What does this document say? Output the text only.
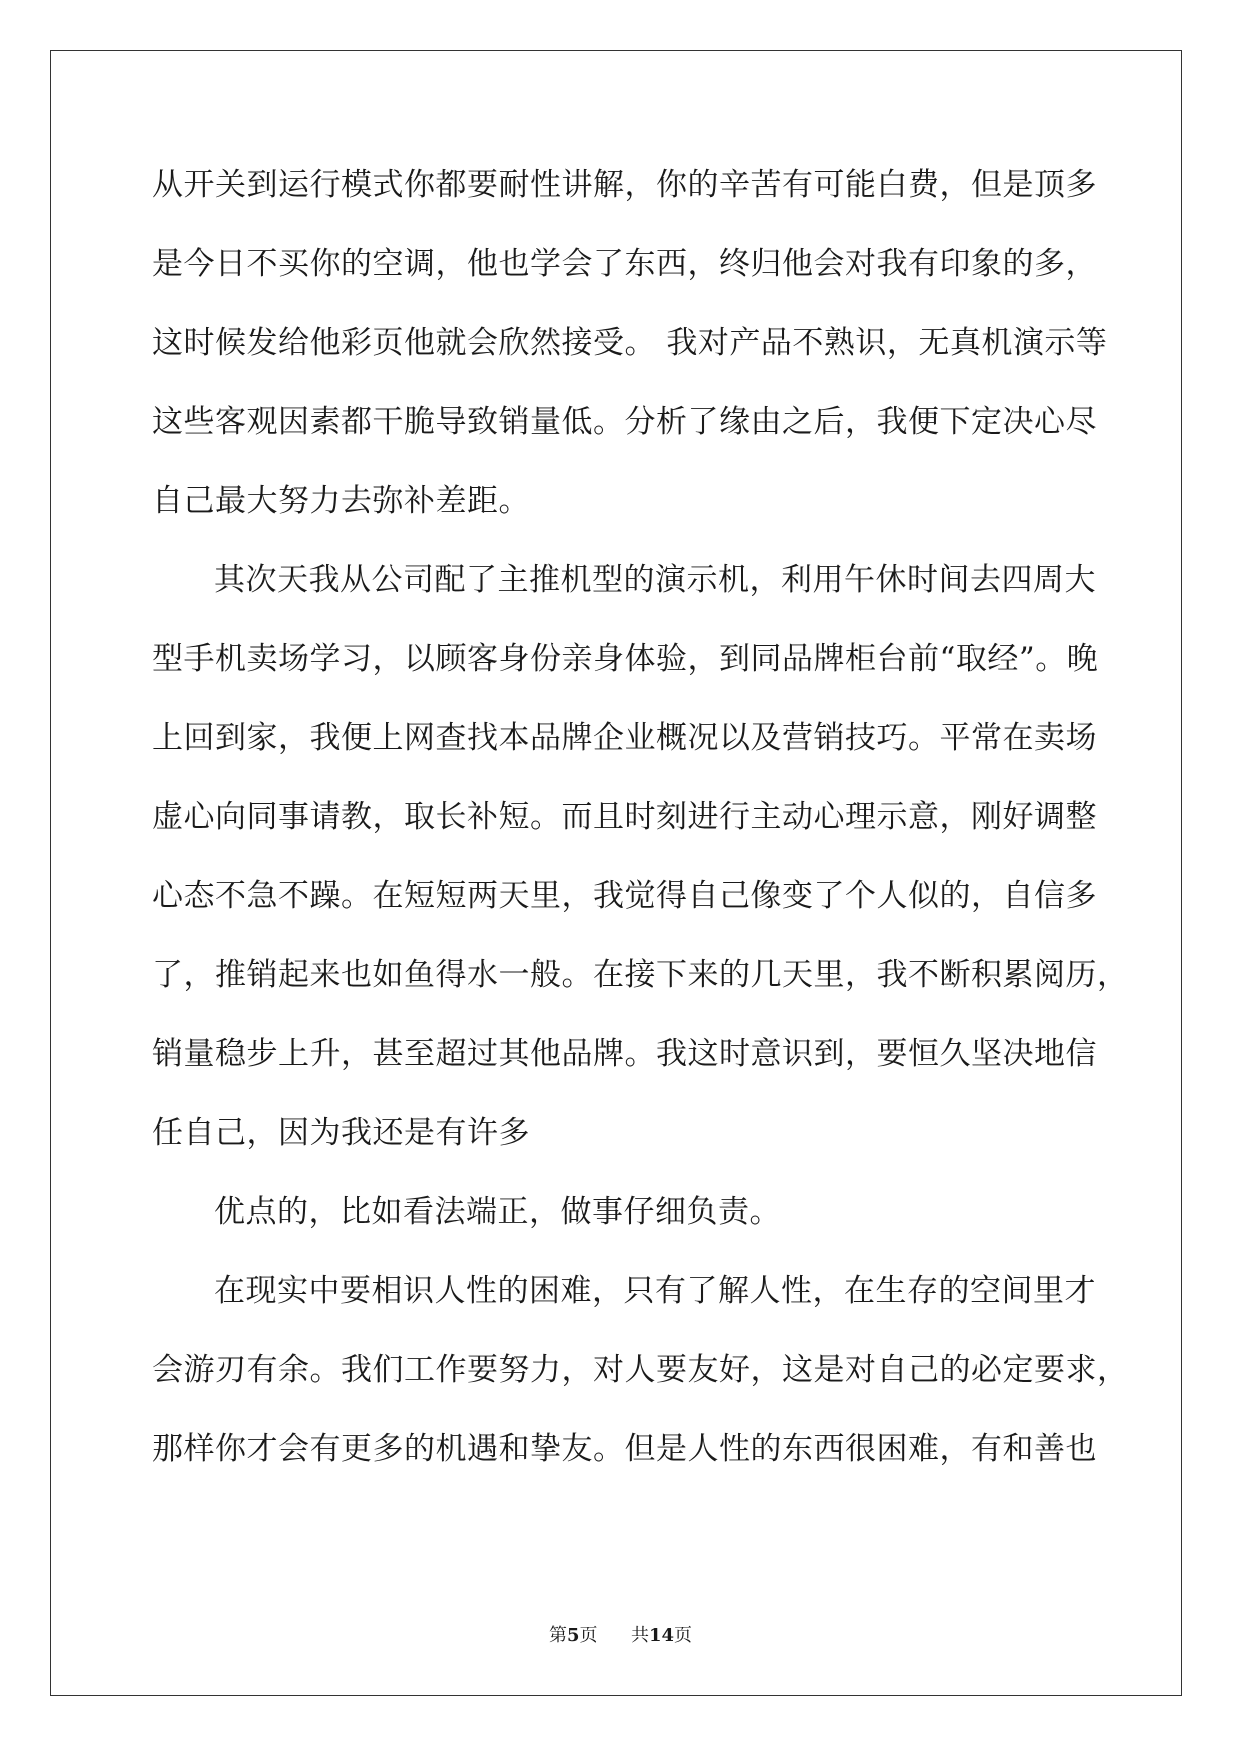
从开关到运行模式你都要耐性讲解，你的辛苦有可能白费，但是顶多
是今日不买你的空调，他也学会了东西，终归他会对我有印象的多，
这时候发给他彩页他就会欣然接受。 我对产品不熟识，无真机演示等
这些客观因素都干脆导致销量低。分析了缘由之后，我便下定决心尽
自己最大努力去弥补差距。
其次天我从公司配了主推机型的演示机，利用午休时间去四周大
型手机卖场学习，以顾客身份亲身体验，到同品牌柜台前“取经”。晚
上回到家，我便上网查找本品牌企业概况以及营销技巧。平常在卖场
虚心向同事请教，取长补短。而且时刻进行主动心理示意，刚好调整
心态不急不躁。在短短两天里，我觉得自己像变了个人似的，自信多
了，推销起来也如鱼得水一般。在接下来的几天里，我不断积累阅历，
销量稳步上升，甚至超过其他品牌。我这时意识到，要恒久坚决地信
任自己，因为我还是有许多
优点的，比如看法端正，做事仔细负责。
在现实中要相识人性的困难，只有了解人性，在生存的空间里才
会游刃有余。我们工作要努力，对人要友好，这是对自己的必定要求，
那样你才会有更多的机遇和挚友。但是人性的东西很困难，有和善也
第5页 共14页
